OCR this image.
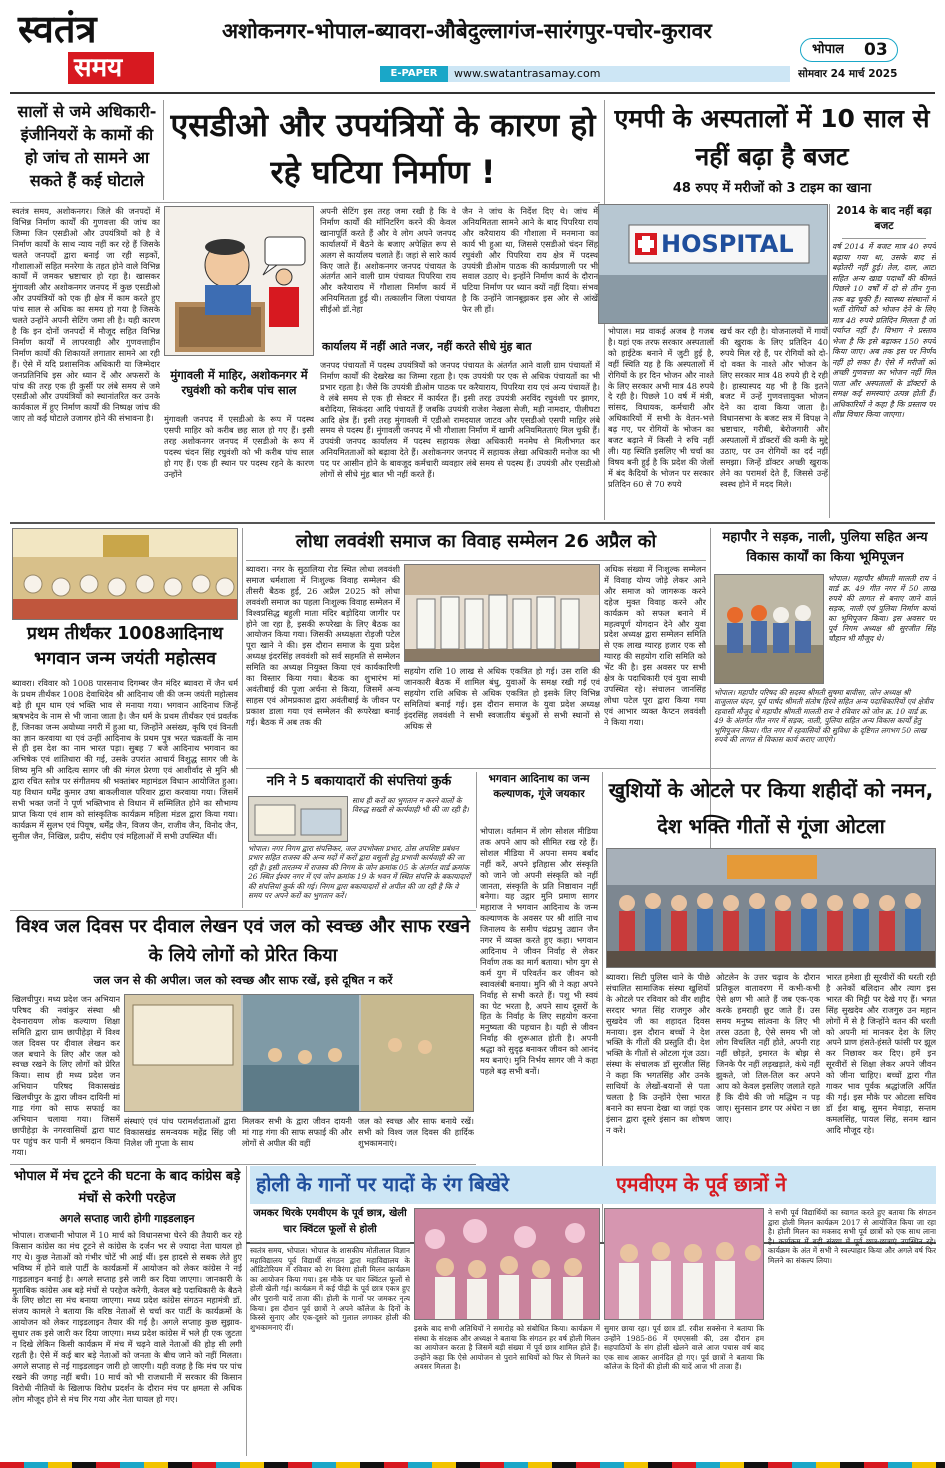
स्वतंत्र
समय
अशोकनगर-भोपाल-ब्यावरा-औबेदुल्लागंज-सारंगपुर-पचोर-कुरावर
E-PAPER	www.swatantrasamay.com
भोपाल 03
सोमवार 24 मार्च 2025
सालों से जमे अधिकारी-इंजीनियरों के कामों की हो जांच तो सामने आ सकते हैं कई घोटाले
एसडीओ और उपयंत्रियों के कारण हो रहे घटिया निर्माण !
स्वतंत्र समय, अशोकनगर। जिले की जनपदों में विभिन्न निर्माण कार्यों की गुणवत्ता की जांच का जिम्मा जिन एसडीओ और उपयंत्रियों को है वे निर्माण कार्यों के साथ न्याय नहीं कर रहे हैं जिसके चलते जनपदों द्वारा बनाई जा रही सड़कों, गौशालाओं सहित मनरेगा के तहत होने वाले विभिन्न कार्यों में जमकर भ्रष्टाचार हो रहा है। खासकर मुंगावली और अशोकनगर जनपद में कुछ एसडीओ और उपयंत्रियों को एक ही क्षेत्र में काम करते हुए पांच साल से अधिक का समय हो गया है जिसके चलते उन्होंने अपनी सेटिंग जमा ली है। यही कारण है कि इन दोनों जनपदों में मौजूद सहित विभिन्न निर्माण कार्यों में लापरवाही और गुणवत्ताहीन निर्माण कार्यों की शिकायतें लगातार सामने आ रही हैं। ऐसे में यदि प्रशासनिक अधिकारी या जिम्मेदार जनप्रतिनिधि इस ओर ध्यान दें और अफसरों के पांच की तरह एक ही कुर्सी पर लंबे समय से जमे एसडीओ और उपयंत्रियों को स्थानांतरित कर उनके कार्यकाल में हुए निर्माण कार्यों की निष्पक्ष जांच की जाए तो कई घोटाले उजागर होने की संभावना है।
अपनी सेटिंग इस तरह जमा रखी है कि वे निर्माण कार्यों की मॉनिटरिंग करने की केवल खानापूर्ति करते हैं और वे लोग अपने जनपद कार्यालयों में बैठने के बजाए अपेक्षित रूप से अलग से कार्यालय चलाते हैं। जहां से सारे कार्य किए जाते हैं। अशोकनगर जनपद पंचायत के अंतर्गत आने वाली ग्राम पंचायत पिपरिया राय और करैयाराय में गौशाला निर्माण कार्य में अनियमितता हुई थी। तत्कालीन जिला पंचायत सीईओ डॉ.नेहा
जैन ने जांच के निर्देश दिए थे। जांच में अनियमितता सामने आने के बाद पिपरिया राय और करैयाराय की गौशाला में मनमाना का कार्य भी हुआ था, जिससे एसडीओ चंदन सिंह रघुवंशी और पिपरिया राय क्षेत्र में पदस्थ उपयंत्री डीओम पाठक की कार्यप्रणाली पर भी सवाल उठाए थे। इन्होंने निर्माण कार्य के दौरान घटिया निर्माण पर ध्यान क्यों नहीं दिया। संभव है कि उन्होंने जानबूझकर इस ओर से आंखें फेर ली हों।
मुंगावली में माहिर, अशोकनगर में रघुवंशी को करीब पांच साल
मुंगावली जनपद में एसडीओ के रूप में पदस्थ एसपी माहिर को करीब छह साल हो गए हैं। इसी तरह अशोकनगर जनपद में एसडीओ के रूप में पदस्थ चंदन सिंह रघुवंशी को भी करीब पांच साल हो गए हैं। एक ही स्थान पर पदस्थ रहने के कारण उन्होंने
कार्यालय में नहीं आते नजर, नहीं करते सीधे मुंह बात
जनपद पंचायतों में पदस्थ उपयंत्रियों को जनपद पंचायत के अंतर्गत आने वाली ग्राम पंचायतों में निर्माण कार्यों की देखरेख का जिम्मा रहता है। एक उपयंत्री पर एक से अधिक पंचायतों का भी प्रभार रहता है। जैसे कि उपयंत्री डीओम पाठक पर करैयाराय, पिपरिया राय एवं अन्य पंचायतें है। वे लंबे समय से एक ही सेक्टर में कार्यरत हैं। इसी तरह उपयंत्री अरविंद रघुवंशी पर झागर, बरोदिया, सिकंदरा आदि पंचायतें हैं जबकि उपयंत्री राजेश नेखला सेजी, मड़ी नामदार, पीलीघटा आदि क्षेत्र हैं। इसी तरह मुंगावली में एडीओ रामदयाल जाटव और एसडीओ एसपी माहिर लंबे समय से पदस्थ हैं। मुंगावली जनपद में भी गौशाला निर्माण में खामी अनियमितताएं मिल चुकी हैं। उपयंत्री जनपद कार्यालय में पदस्थ सहायक लेखा अधिकारी मनमेघ से मिलीभगत कर अनियमितताओं को बढ़ावा देते हैं। अशोकनगर जनपद में सहायक लेखा अधिकारी मनोज का भी पद पर आसीन होने के बावजूद कर्मचारी व्यवहार लंबे समय से पदस्थ हैं। उपयंत्री और एसडीओ लोगों से सीधे मुंह बात भी नहीं करते हैं।
एमपी के अस्पतालों में 10 साल से नहीं बढ़ा है बजट
48 रुपए में मरीजों को 3 टाइम का खाना
HOSPITAL
2014 के बाद नहीं बढ़ा बजट
वर्ष 2014 में बजट मात्र 40 रुपये बढ़ाया गया था, उसके बाद से बढ़ोतरी नहीं हुई। तेल, दाल, आटा सहित अन्य खाद्य पदार्थों की कीमतें पिछले 10 वर्षों में दो से तीन गुना तक बढ़ चुकी हैं। स्वास्थ्य संस्थानों में भर्ती रोगियों को भोजन देने के लिए मात्र 48 रुपये प्रतिदिन मिलता है जो पर्याप्त नहीं है। विभाग ने प्रस्ताव भेजा है कि इसे बढ़ाकर 150 रुपये किया जाए। अब तक इस पर निर्णय नहीं हो सका है। ऐसे में मरीजों को अच्छी गुणवत्ता का भोजन नहीं मिल पाता और अस्पतालों के डॉक्टरों के समक्ष कई समस्याएं उत्पन्न होती हैं। अधिकारियों ने कहा है कि प्रस्ताव पर शीघ्र विचार किया जाएगा।
भोपाल। मप्र वाकई अजब है गजब है। यहां एक तरफ सरकार अस्पतालों को हाईटेक बनाने में जुटी हुई है, वहीं स्थिति यह है कि अस्पतालों में रोगियों के हर दिन भोजन और नाश्ते के लिए सरकार अभी मात्र 48 रुपये दे रही है। पिछले 10 वर्ष में मंत्री, सांसद, विधायक, कर्मचारी और अधिकारियों में सभी के वेतन-भत्ते बढ़ गए, पर रोगियों के भोजन का बजट बढ़ाने में किसी ने रुचि नहीं ली। यह स्थिति इसलिए भी चर्चा का विषय बनी हुई है कि प्रदेश की जेलों में बंद कैदियों के भोजन पर सरकार प्रतिदिन 60 से 70 रुपये
खर्च कर रही है। योजनालयों में गायों की खुराक के लिए प्रतिदिन 40 रुपये मिल रहे हैं, पर रोगियों को दो-दो वक्त के नाश्ते और भोजन के लिए सरकार मात्र 48 रुपये ही दे रही है। हास्यास्पद यह भी है कि इतने बजट में उन्हें गुणवत्तायुक्त भोजन देने का दावा किया जाता है। विधानसभा के बजट सत्र में विपक्ष ने भ्रष्टाचार, गरीबी, बेरोजगारी और अस्पतालों में डॉक्टरों की कमी के मुद्दे उठाए, पर उन रोगियों का दर्द नहीं समझा। जिन्हें डॉक्टर अच्छी खुराक लेने का परामर्श देते हैं, जिससे उन्हें स्वस्थ होने में मदद मिले।
प्रथम तीर्थंकर 1008आदिनाथ भगवान जन्म जयंती महोत्सव
ब्यावरा। रविवार को 1008 पारसनाथ दिगम्बर जैन मंदिर ब्यावरा में जैन धर्म के प्रथम तीर्थंकर 1008 देवाधिदेव श्री आदिनाथ जी की जन्म जयंती महोत्सव बड़े ही धूम धाम एवं भक्ति भाव से मनाया गया। भगवान आदिनाथ जिन्हें ऋषभदेव के नाम से भी जाना जाता है। जैन धर्म के प्रथम तीर्थंकर एवं प्रवर्तक हैं, जिनका जन्म अयोध्या नगरी में हुआ था, जिन्होंने असंख्य, कृषि एवं विनती का ज्ञान करवाया था एवं उन्हीं आदिनाथ के प्रथम पुत्र भरत चक्रवर्ती के नाम से ही इस देश का नाम भारत पड़ा। सुबह 7 बजे आदिनाथ भगवान का अभिषेक एवं शांतिधारा की गई, उसके उपरांत आचार्य विशुद्ध सागर जी के शिष्य मुनि श्री आदित्य सागर जी की मंगल प्रेरणा एवं आशीर्वाद से मुनि श्री द्वारा रचित स्तोत्र पर संगीतमय श्री भक्तांबर महामंडल विधान आयोजित हुआ। यह विधान धर्मेंद्र कुमार उषा बाकलीवाल परिवार द्वारा करवाया गया। जिसमें सभी भक्त जनों ने पूर्ण भक्तिभाव से विधान में सम्मिलित होने का सौभाग्य प्राप्त किया एवं शाम को सांस्कृतिक कार्यक्रम महिला मंडल द्वारा किया गया। कार्यक्रम में सुलभ एवं पियूष, धर्मेंद्र जैन, विजय जैन, राजीव जैन, विनोद जैन, सुनील जैन, निखिल, प्रदीप, संदीप एवं महिलाओं में सभी उपस्थित थीं।
लोधा लववंशी समाज का विवाह सम्मेलन 26 अप्रैल को
ब्यावरा। नगर के सुठालिया रोड स्थित लोधा लववंशी समाज धर्मशाला में निःशुल्क विवाह सम्मेलन की तीसरी बैठक हुई, 26 अप्रैल 2025 को लोधा लववंशी समाज का पहला निःशुल्क विवाह सम्मेलन में विश्वप्रसिद्ध बहुली माता मंदिर बड़ोदिया जागीर पर होने जा रहा है, इसकी रूपरेखा के लिए बैठक का आयोजन किया गया। जिसकी अध्यक्षता रोड़जी पटेल पूरा खाने ने की। इस दौरान समाज के युवा प्रदेश अध्यक्ष इंदरसिंह लववंशी को सर्व सहमति से सम्मेलन समिति का अध्यक्ष नियुक्त किया एवं कार्यकारिणी का विस्तार किया गया। बैठक का शुभारंभ मां अवंतीबाई की पूजा अर्चना से किया, जिसमें अन्य साहस एवं ओमप्रकाश द्वारा अवंतीबाई के जीवन पर प्रकाश डाला गया एवं सम्मेलन की रूपरेखा बनाई गई। बैठक में अब तक की
सहयोग राशि 10 लाख से अधिक एकत्रित हो गई। उस राशि की जानकारी बैठक में शामिल बंधु, युवाओं के समक्ष रखी गई एवं सहयोग राशि अधिक से अधिक एकत्रित हो इसके लिए विभिन्न समितियां बनाई गई। इस दौरान समाज के युवा प्रदेश अध्यक्ष इंदरसिंह लववंशी ने सभी स्वजातीय बंधुओं से सभी स्थानों से अधिक से
अधिक संख्या में निःशुल्क सम्मेलन में विवाह योग्य जोड़े लेकर आने और समाज को जागरूक करने दहेज मुक्त विवाह करने और कार्यक्रम को सफल बनाने में महत्वपूर्ण योगदान देने और युवा प्रदेश अध्यक्ष द्वारा सम्मेलन समिति से एक लाख ग्यारह हजार एक सौ ग्यारह की सहयोग राशि समिति को भेंट की है। इस अवसर पर सभी क्षेत्र के पदाधिकारी एवं युवा साथी उपस्थित रहे। संचालन जानसिंह लोधा पटेल पूरा द्वारा किया गया एवं आभार व्यक्त कैप्टन लववंशी ने किया गया।
महापौर ने सड़क, नाली, पुलिया सहित अन्य विकास कार्यों का किया भूमिपूजन
भोपाल। महापौर श्रीमती मालती राय ने वार्ड क्र. 49 गीत नगर में 50 लाख रुपये की लागत से बनाए जाने वाले सड़क, नाली एवं पुलिया निर्माण कार्यों का भूमिपूजन किया। इस अवसर पर पूर्व निगम अध्यक्ष श्री सुरजीत सिंह चौहान भी मौजूद थे।
भोपाल। महापौर परिषद की सदस्य श्रीमती सुषमा बावीसा, जोन अध्यक्ष श्री वाजुलाल चंदन, पूर्व पार्षद श्रीमती संतोष हिरवे सहित अन्य पदाधिकारियों एवं क्षेत्रीय रहवासी मौजूद थे महापौर श्रीमती मालती राय ने रविवार को जोन क्र. 10 वार्ड क्र. 49 के अंतर्गत गीत नगर में सड़क, नाली, पुलिया सहित अन्य विकास कार्यों हेतु भूमिपूजन किया। गीत नगर में रहवासियों की सुविधा के दृष्टिगत लगभग 50 लाख रुपये की लागत से विकास कार्य कराए जाएंगे।
ननि ने 5 बकायादारों की संपत्तियां कुर्क
साथ ही करों का भुगतान न करने वालों के विरुद्ध सख्ती से कार्यवाही भी की जा रही है।
भोपाल। नगर निगम द्वारा संपत्तिकर, जल उपभोक्ता प्रभार, ठोस अपशिष्ट प्रबंधन प्रभार सहित राजस्व की अन्य मदों में करों द्वारा वसूली हेतु प्रभावी कार्यवाही की जा रही है। इसी तारतम्य में राजस्व की निगम के जोन क्रमांक 05 के अंतर्गत वार्ड क्रमांक 26 स्थित ईश्वर नगर में एवं जोन क्रमांक 19 के भवन में स्थित संपत्ति के बकायादारों की संपत्तियां कुर्क की गई। निगम द्वारा बकायादारों से अपील की जा रही है कि वे समय पर अपने करों का भुगतान करें।
भगवान आदिनाथ का जन्म कल्याणक, गूंजे जयकार
भोपाल। वर्तमान में लोग सोशल मीडिया तक अपने आप को सीमित रख रहे हैं। सोशल मीडिया में अपना समय बर्बाद नहीं करें, अपने इतिहास और संस्कृति को जाने जो अपनी संस्कृति को नहीं जानता, संस्कृति के प्रति निष्ठावान नहीं बनेगा। यह उद्गार मुनि प्रमाण सागर महाराज ने भगवान आदिनाथ के जन्म कल्याणक के अवसर पर श्री शांति नाथ जिनालय के समीप चंद्रप्रभु उद्यान जैन नगर में व्यक्त करते हुए कहा। भगवान आदिनाथ ने जीवन निर्वाह से लेकर निर्वाण तक का मार्ग बताया। भोग युग से कर्म युग में परिवर्तन कर जीवन को स्वावलंबी बनाया। मुनि श्री ने कहा अपने निर्वाह से सभी करते हैं। पशु भी स्वयं का पेट भरता है, अपने साथ दूसरों के हित के निर्वाह के लिए सहयोग करना मनुष्यता की पहचान है। यही से जीवन निर्वाह की शुरूआत होती है। अपनी श्रद्धा को सुदृढ़ बनाकर जीवन को आनंद मय बनाएं। मुनि निर्भय सागर जी ने कहा पहले बढ़ सभी बनों।
खुशियों के ओटले पर किया शहीदों को नमन, देश भक्ति गीतों से गूंजा ओटला
ब्यावरा। सिटी पुलिस थाने के पीछे संचालित सामाजिक संस्था खुशियों के ओटले पर रविवार को वीर शहीद सरदार भगत सिंह राजगुरु और सुखदेव जी का शहादत दिवस मनाया। इस दौरान बच्चों ने देश भक्ति के गीतों की प्रस्तुति दी। देश भक्ति के गीतों से ओटला गूंज उठा। संस्था के संचालक डॉ सुरजीत सिंह ने कहा कि भगतसिंह और उनके साथियों के लेखों-बयानों से पता चलता है कि उन्होंने ऐसा भारत बनाने का सपना देखा था जहां एक इंसान द्वारा दूसरे इंसान का शोषण न करे।
ओटलेन के उत्तर चढ़ाव के दौरान प्रतिकूल वातावरण में कभी-कभी ऐसे क्षण भी आते हैं जब एक-एक करके हमराही छूट जाते हैं। उस समय मनुष्य सांत्वना के लिए भी तरस उठता है, ऐसे समय भी जो लोग विचलित नहीं होते, अपनी राह नहीं छोड़ते, इमारत के बोझ से जिनके पैर नहीं लड़खड़ाते, कंधे नहीं झुकते, जो तिल-तिल कर अपने आप को केवल इसलिए जलाते रहते हैं कि दीये की जो मद्धिम न पड़ जाए। सुनसान डगर पर अंधेरा न छा जाए।
भारत हमेशा ही सूरवीरों की धरती रही है अनेकों बलिदान और त्याग इस भारत की मिट्टी पर देखे गए हैं। भगत सिंह सुखदेव और राजगुरु उन महान लोगों में से है जिन्होंने वतन की धरती को अपनी मां मानकर देश के लिए अपने प्राण हंसते-हंसते फांसी पर झूल कर निछावर कर दिए। हमें इन सूरवीरों से शिक्षा लेकर अपने जीवन को जीना चाहिए। बच्चों द्वारा गीत गाकर भाव पूर्वक श्रद्धांजलि अर्पित की गई। इस मौके पर ओटला सचिव डॉ ईश बाबू, सुमन मेवाड़ा, सन्तम कमलसिंह, पायल सिंह, सनम खान आदि मौजूद रहे।
विश्व जल दिवस पर दीवाल लेखन एवं जल को स्वच्छ और साफ रखने के लिये लोगों को प्रेरित किया
जल जन से की अपील। जल को स्वच्छ और साफ रखें, इसे दूषित न करें
खिलचीपुर। मध्य प्रदेश जन अभियान परिषद की नवांकुर संस्था श्री देवनारायण लोक कल्याण शिक्षा समिति द्वारा ग्राम छापीहेड़ा में विश्व जल दिवस पर दीवाल लेखन कर जल बचाने के लिए और जल को स्वच्छ रखने के लिए लोगों को प्रेरित किया। साथ ही मध्य प्रदेश जन अभियान परिषद विकासखंड खिलचीपुर के द्वारा जीवन दायिनी मां गाड़ गंगा को साफ सफाई का अभियान चलाया गया। जिसमें छापीहेड़ा के नगरवासियों द्वारा घाट पर पहुंच कर पानी में श्रमदान किया गया।
संस्थाएं एवं पांच परामर्शदाताओं द्वारा विकासखंड समन्वयक महेंद्र सिंह जी निलेश जी गुप्ता के साथ
मिलकर सभी के द्वारा जीवन दायनी मां गाड़ गंगा की साफ सफाई की और लोगों से अपील की वहीं
जल को स्वच्छ और साफ बनाये रखें। सभी को विश्व जल दिवस की हार्दिक शुभकामनाएं।
भोपाल में मंच टूटने की घटना के बाद कांग्रेस बड़े मंचों से करेगी परहेज
अगले सप्ताह जारी होगी गाइडलाइन
भोपाल। राजधानी भोपाल में 10 मार्च को विधानसभा घेरने की तैयारी कर रहे किसान कांग्रेस का मंच टूटने से कांग्रेस के दर्जन भर से ज्यादा नेता घायल हो गए थे। कुछ नेताओं को गंभीर चोटें भी आई थीं। इस हादसे से सबक लेते हुए भविष्य में होने वाले पार्टी के कार्यक्रमों में आयोजन को लेकर कांग्रेस ने नई गाइडलाइन बनाई है। अगले सप्ताह इसे जारी कर दिया जाएगा। जानकारी के मुताबिक कांग्रेस अब बड़े मंचों से परहेज करेगी, केवल बड़े पदाधिकारी के बैठने के लिए छोटा सा मंच बनाया जाएगा। मध्य प्रदेश कांग्रेस संगठन महामंत्री डॉ. संजय कामले ने बताया कि वरिष्ठ नेताओं से चर्चा कर पार्टी के कार्यक्रमों के आयोजन को लेकर गाइडलाइन तैयार की गई है। अगले सप्ताह कुछ सुझाव-सुधार तक इसे जारी कर दिया जाएगा। मध्य प्रदेश कांग्रेस में भले ही एक जुटता न दिखे लेकिन किसी कार्यक्रम में मंच में चढ़ने वाले नेताओं की होड़ सी लगी रहती है। ऐसे में कई बार बड़े नेताओं को जनता के बीच जाने को नहीं मिलता। अगले सप्ताह से नई गाइडलाइन जारी हो जाएगी। यही वजह है कि मंच पर पांच रखने की जगह नहीं बची। 10 मार्च को भी राजधानी में सरकार की किसान विरोधी नीतियों के खिलाफ विरोध प्रदर्शन के दौरान मंच पर क्षमता से अधिक लोग मौजूद होने से मंच गिर गया और नेता घायल हो गए।
होली के गानों पर यादों के रंग बिखेरे	एमवीएम के पूर्व छात्रों ने
जमकर थिरके एमवीएम के पूर्व छात्र, खेली चार क्विंटल फूलों से होली
स्वतंत्र समय, भोपाल। भोपाल के शासकीय मोतीलाल विज्ञान महाविद्यालय पूर्व विद्यार्थी संगठन द्वारा महाविद्यालय के ऑडिटोरियम में रविवार को रंग बिरंगा होली मिलन कार्यक्रम का आयोजन किया गया। इस मौके पर चार क्विंटल फूलों से होली खेली गई। कार्यक्रम में कई पीढ़ी के पूर्व छात्र एकत्र हुए और पुरानी यादें ताजा कीं। होली के गानों पर जमकर नृत्य किया। इस दौरान पूर्व छात्रों ने अपने कॉलेज के दिनों के किस्से सुनाए और एक-दूसरे को गुलाल लगाकर होली की शुभकामनाएं दीं।	इसके बाद सभी अतिथियों ने समारोह को संबोधित किया। कार्यक्रम में संस्था के संरक्षक और अध्यक्ष ने बताया कि संगठन हर वर्ष होली मिलन का आयोजन करता है जिसमें बड़ी संख्या में पूर्व छात्र शामिल होते हैं। उन्होंने कहा कि ऐसे आयोजन से पुराने साथियों को फिर से मिलने का अवसर मिलता है।
सुमार छाया रहा। पूर्व छात्र डॉ. रवीश सक्सेना ने बताया कि उन्होंने 1985-86 में एमएससी की, उस दौरान हम सहपाठियों के संग होली खेलने वाले आज पचास वर्ष बाद एक साथ आकर आनंदित हो गए। पूर्व छात्रों ने बताया कि कॉलेज के दिनों की होली की यादें आज भी ताजा हैं।
ने सभी पूर्व विद्यार्थियों का स्वागत करते हुए बताया कि संगठन द्वारा होली मिलन कार्यक्रम 2017 से आयोजित किया जा रहा है। होली मिलन का मकसद सभी पूर्व छात्रों को एक साथ लाना है। कार्यक्रम में बड़ी संख्या में पूर्व छात्र-छात्राएं उपस्थित रहे। कार्यक्रम के अंत में सभी ने स्वल्पाहार किया और अगले वर्ष फिर मिलने का संकल्प लिया।
